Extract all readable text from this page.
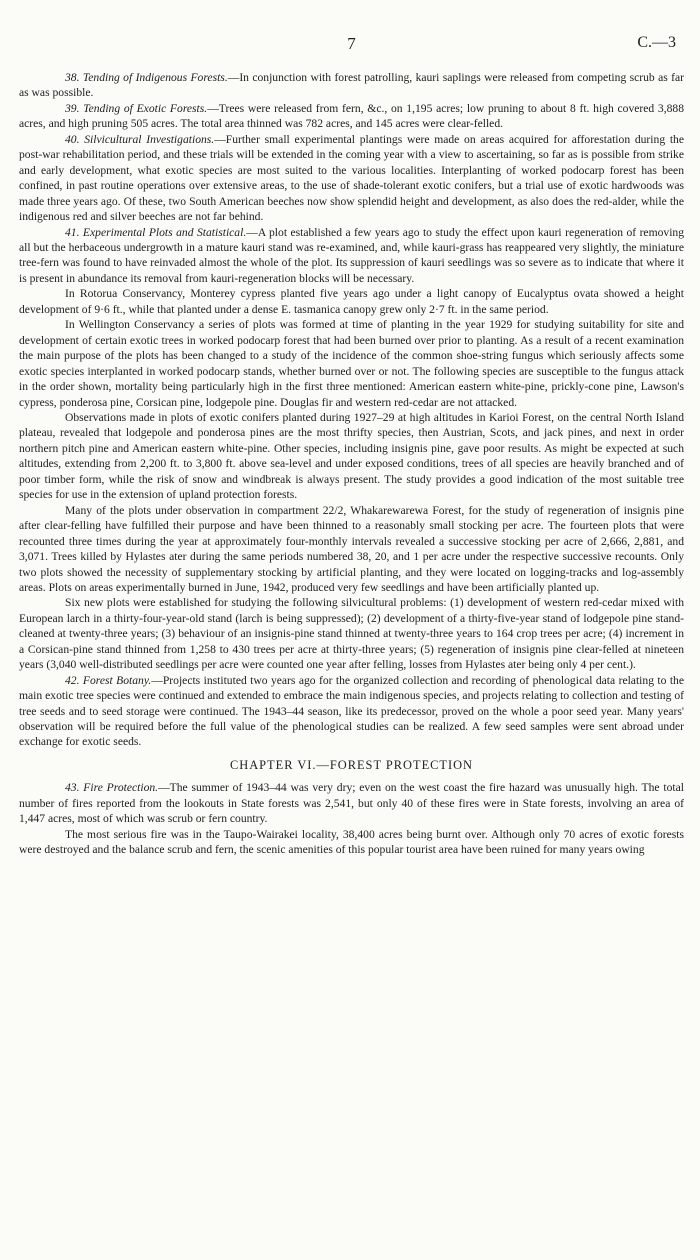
7	C.—3

38. Tending of Indigenous Forests.—In conjunction with forest patrolling, kauri saplings were released from competing scrub as far as was possible.

39. Tending of Exotic Forests.—Trees were released from fern, &c., on 1,195 acres; low pruning to about 8 ft. high covered 3,888 acres, and high pruning 505 acres. The total area thinned was 782 acres, and 145 acres were clear-felled.

40. Silvicultural Investigations.—Further small experimental plantings were made on areas acquired for afforestation during the post-war rehabilitation period, and these trials will be extended in the coming year with a view to ascertaining, so far as is possible from strike and early development, what exotic species are most suited to the various localities. Interplanting of worked podocarp forest has been confined, in past routine operations over extensive areas, to the use of shade-tolerant exotic conifers, but a trial use of exotic hardwoods was made three years ago. Of these, two South American beeches now show splendid height and development, as also does the red-alder, while the indigenous red and silver beeches are not far behind.

41. Experimental Plots and Statistical.—A plot established a few years ago to study the effect upon kauri regeneration of removing all but the herbaceous undergrowth in a mature kauri stand was re-examined, and, while kauri-grass has reappeared very slightly, the miniature tree-fern was found to have reinvaded almost the whole of the plot. Its suppression of kauri seedlings was so severe as to indicate that where it is present in abundance its removal from kauri-regeneration blocks will be necessary.

In Rotorua Conservancy, Monterey cypress planted five years ago under a light canopy of Eucalyptus ovata showed a height development of 9·6 ft., while that planted under a dense E. tasmanica canopy grew only 2·7 ft. in the same period.

In Wellington Conservancy a series of plots was formed at time of planting in the year 1929 for studying suitability for site and development of certain exotic trees in worked podocarp forest that had been burned over prior to planting. As a result of a recent examination the main purpose of the plots has been changed to a study of the incidence of the common shoe-string fungus which seriously affects some exotic species interplanted in worked podocarp stands, whether burned over or not. The following species are susceptible to the fungus attack in the order shown, mortality being particularly high in the first three mentioned: American eastern white-pine, prickly-cone pine, Lawson's cypress, ponderosa pine, Corsican pine, lodgepole pine. Douglas fir and western red-cedar are not attacked.

Observations made in plots of exotic conifers planted during 1927–29 at high altitudes in Karioi Forest, on the central North Island plateau, revealed that lodgepole and ponderosa pines are the most thrifty species, then Austrian, Scots, and jack pines, and next in order northern pitch pine and American eastern white-pine. Other species, including insignis pine, gave poor results. As might be expected at such altitudes, extending from 2,200 ft. to 3,800 ft. above sea-level and under exposed conditions, trees of all species are heavily branched and of poor timber form, while the risk of snow and windbreak is always present. The study provides a good indication of the most suitable tree species for use in the extension of upland protection forests.

Many of the plots under observation in compartment 22/2, Whakarewarewa Forest, for the study of regeneration of insignis pine after clear-felling have fulfilled their purpose and have been thinned to a reasonably small stocking per acre. The fourteen plots that were recounted three times during the year at approximately four-monthly intervals revealed a successive stocking per acre of 2,666, 2,881, and 3,071. Trees killed by Hylastes ater during the same periods numbered 38, 20, and 1 per acre under the respective successive recounts. Only two plots showed the necessity of supplementary stocking by artificial planting, and they were located on logging-tracks and log-assembly areas. Plots on areas experimentally burned in June, 1942, produced very few seedlings and have been artificially planted up.

Six new plots were established for studying the following silvicultural problems: (1) development of western red-cedar mixed with European larch in a thirty-four-year-old stand (larch is being suppressed); (2) development of a thirty-five-year stand of lodgepole pine stand-cleaned at twenty-three years; (3) behaviour of an insignis-pine stand thinned at twenty-three years to 164 crop trees per acre; (4) increment in a Corsican-pine stand thinned from 1,258 to 430 trees per acre at thirty-three years; (5) regeneration of insignis pine clear-felled at nineteen years (3,040 well-distributed seedlings per acre were counted one year after felling, losses from Hylastes ater being only 4 per cent.).

42. Forest Botany.—Projects instituted two years ago for the organized collection and recording of phenological data relating to the main exotic tree species were continued and extended to embrace the main indigenous species, and projects relating to collection and testing of tree seeds and to seed storage were continued. The 1943–44 season, like its predecessor, proved on the whole a poor seed year. Many years' observation will be required before the full value of the phenological studies can be realized. A few seed samples were sent abroad under exchange for exotic seeds.

CHAPTER VI.—FOREST PROTECTION

43. Fire Protection.—The summer of 1943–44 was very dry; even on the west coast the fire hazard was unusually high. The total number of fires reported from the lookouts in State forests was 2,541, but only 40 of these fires were in State forests, involving an area of 1,447 acres, most of which was scrub or fern country.

The most serious fire was in the Taupo-Wairakei locality, 38,400 acres being burnt over. Although only 70 acres of exotic forests were destroyed and the balance scrub and fern, the scenic amenities of this popular tourist area have been ruined for many years owing
